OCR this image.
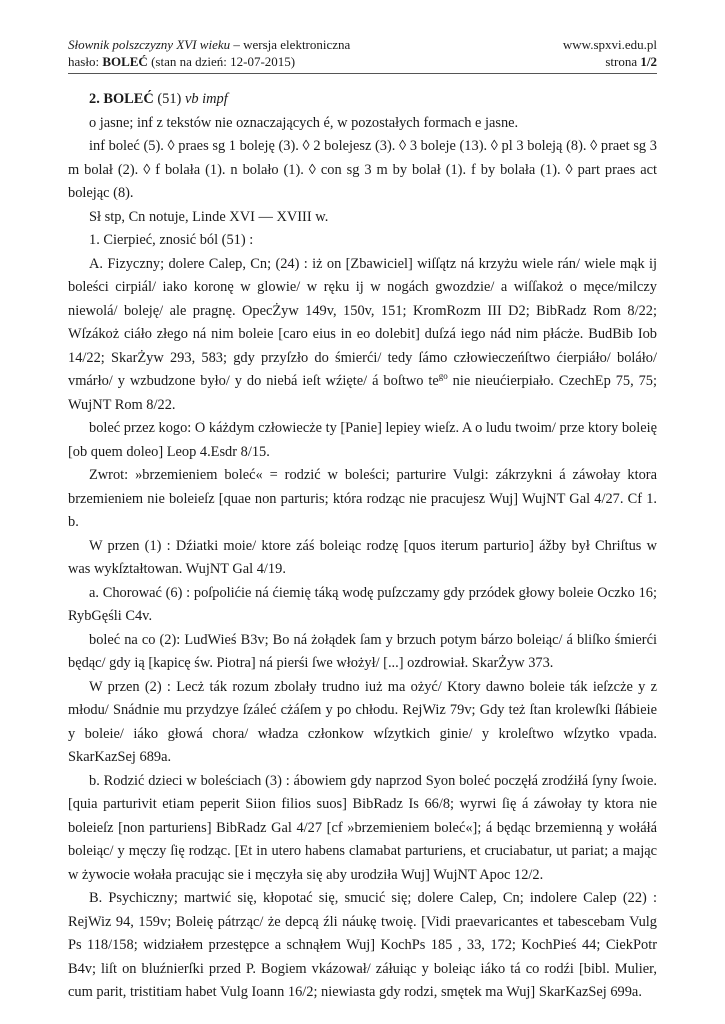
Słownik polszczyzny XVI wieku – wersja elektroniczna	www.spxvi.edu.pl
hasło: BOLEĆ (stan na dzień: 12-07-2015)	strona 1/2

2. BOLEĆ (51) vb impf

o jasne; inf z tekstów nie oznaczających é, w pozostałych formach e jasne.

inf boleć (5). ◊ praes sg 1 boleję (3). ◊ 2 bolejesz (3). ◊ 3 boleje (13). ◊ pl 3 boleją (8). ◊ praet sg 3 m bolał (2). ◊ f bolała (1). n bolało (1). ◊ con sg 3 m by bolał (1). f by bolała (1). ◊ part praes act bolejąc (8).

Sł stp, Cn notuje, Linde XVI — XVIII w.

1. Cierpieć, znosić ból (51) :

A. Fizyczny; dolere Calep, Cn; (24) : iż on [Zbawiciel] wiſſątz ná krzyżu wiele rán/ wiele mąk ij boleści cirpiál/ iako koronę w glowie/ w ręku ij w nogách gwozdzie/ a wiſſakoż o męce/milczy niewolá/ boleję/ ale pragnę. OpecŻyw 149v, 150v, 151; KromRozm III D2; BibRadz Rom 8/22; Wſzákoż ciáło złego ná nim boleie [caro eius in eo dolebit] duſzá iego nád nim płácże. BudBib Iob 14/22; SkarŻyw 293, 583; gdy przyſzło do śmierći/ tedy ſámo człowieczeńſtwo ćierpiáło/ boláło/ vmárło/ y wzbudzone było/ y do niebá ieſt wźięte/ á boſtwo $te^{go}$ nie nieućierpiało. CzechEp 75, 75; WujNT Rom 8/22.

boleć przez kogo: O káżdym człowiecże ty [Panie] lepiey wieſz. A o ludu twoim/ prze ktory boleię [ob quem doleo] Leop 4.Esdr 8/15.

Zwrot: »brzemieniem boleć« = rodzić w boleści; parturire Vulgi: zákrzykni á záwołay ktora brzemieniem nie boleieſz [quae non parturis; która rodząc nie pracujesz Wuj] WujNT Gal 4/27. Cf 1. b.

W przen (1) : Dźiatki moie/ ktore záś boleiąc rodzę [quos iterum parturio] ážby był Chriſtus w was wykſztałtowan. WujNT Gal 4/19.

a. Chorować (6) : poſpolićie ná ćiemię táką wodę puſzczamy gdy przódek głowy boleie Oczko 16; RybGęśli C4v.

boleć na co (2): LudWieś B3v; Bo ná żołądek ſam y brzuch potym bárzo boleiąc/ á bliſko śmierći będąc/ gdy ią [kapicę św. Piotra] ná pierśi ſwe włożył/ [...] ozdrowiał. SkarŻyw 373.

W przen (2) : Lecż ták rozum zbolały trudno iuż ma ożyć/ Ktory dawno boleie ták ieſzcże y z młodu/ Snádnie mu przydzye ſzáleć cżáſem y po chłodu. RejWiz 79v; Gdy też ſtan krolewſki ſłábieie y boleie/ iáko głowá chora/ władza członkow wſzytkich ginie/ y kroleſtwo wſzytko vpada. SkarKazSej 689a.

b. Rodzić dzieci w boleściach (3) : ábowiem gdy naprzod Syon boleć poczęłá zrodźiłá ſyny ſwoie. [quia parturivit etiam peperit Siion filios suos] BibRadz Is 66/8; wyrwi ſię á záwołay ty ktora nie boleieſz [non parturiens] BibRadz Gal 4/27 [cf »brzemieniem boleć«]; á będąc brzemienną y wołáłá boleiąc/ y męczy ſię rodząc. [Et in utero habens clamabat parturiens, et cruciabatur, ut pariat; a mając w żywocie wołała pracując sie i męczyła się aby urodziła Wuj] WujNT Apoc 12/2.

B. Psychiczny; martwić się, kłopotać się, smucić się; dolere Calep, Cn; indolere Calep (22) : RejWiz 94, 159v; Boleię pátrząc/ że depcą źli náukę twoię. [Vidi praevaricantes et tabescebam Vulg Ps 118/158; widziałem przestępce a schnąłem Wuj] KochPs 185 , 33, 172; KochPieś 44; CiekPotr B4v; liſt on bluźnierſki przed P. Bogiem vkázował/ záłuiąc y boleiąc iáko tá co rodźi [bibl. Mulier, cum parit, tristitiam habet Vulg Ioann 16/2; niewiasta gdy rodzi, smętek ma Wuj] SkarKazSej 699a.
